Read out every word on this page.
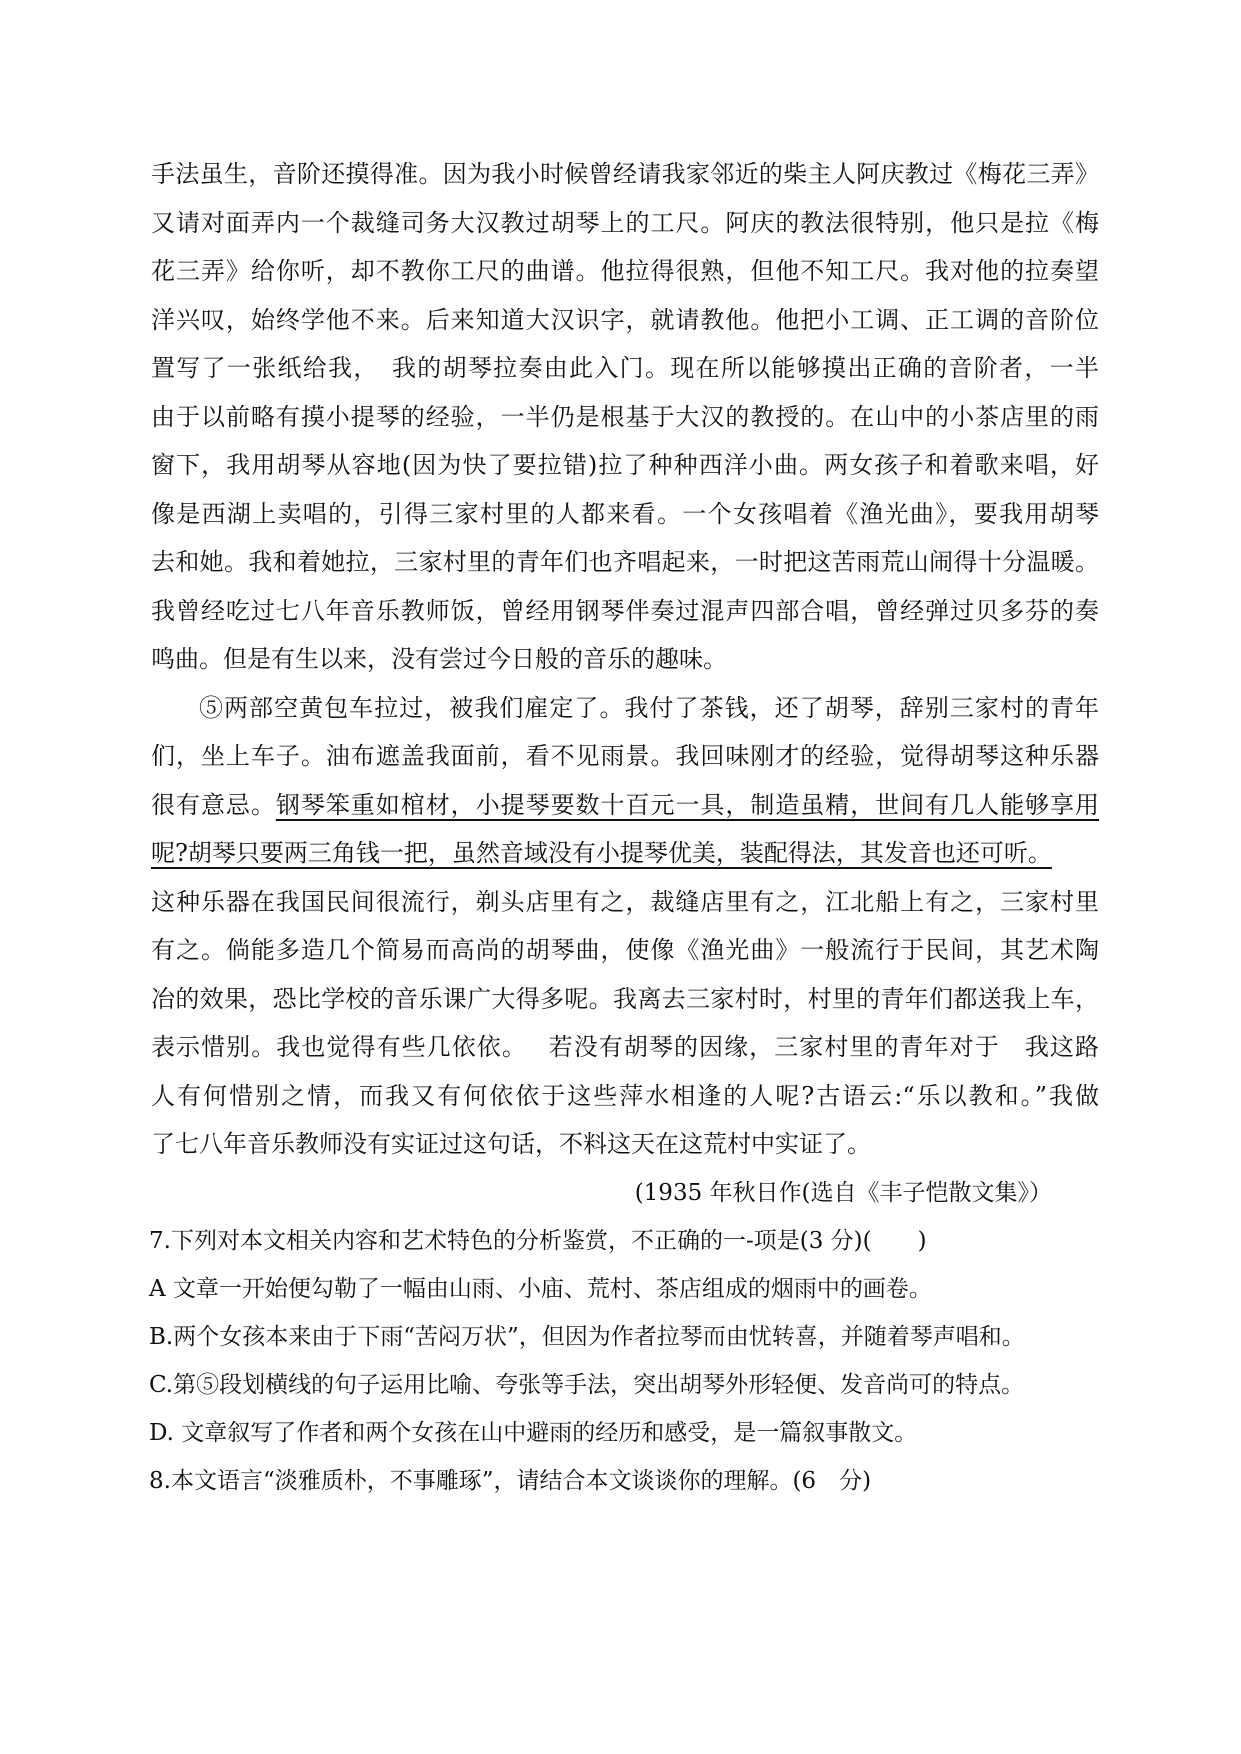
手法虽生，音阶还摸得准。因为我小时候曾经请我家邻近的柴主人阿庆教过《梅花三弄》
又请对面弄内一个裁缝司务大汉教过胡琴上的工尺。阿庆的教法很特别，他只是拉《梅
花三弄》给你听，却不教你工尺的曲谱。他拉得很熟，但他不知工尺。我对他的拉奏望
洋兴叹，始终学他不来。后来知道大汉识字，就请教他。他把小工调、正工调的音阶位
置写了一张纸给我，　我的胡琴拉奏由此入门。现在所以能够摸出正确的音阶者，一半
由于以前略有摸小提琴的经验，一半仍是根基于大汉的教授的。在山中的小茶店里的雨
窗下，我用胡琴从容地(因为快了要拉错)拉了种种西洋小曲。两女孩子和着歌来唱，好
像是西湖上卖唱的，引得三家村里的人都来看。一个女孩唱着《渔光曲》，要我用胡琴
去和她。我和着她拉，三家村里的青年们也齐唱起来，一时把这苦雨荒山闹得十分温暖。
我曾经吃过七八年音乐教师饭，曾经用钢琴伴奏过混声四部合唱，曾经弹过贝多芬的奏
鸣曲。但是有生以来，没有尝过今日般的音乐的趣味。
⑤两部空黄包车拉过，被我们雇定了。我付了茶钱，还了胡琴，辞别三家村的青年
们，坐上车子。油布遮盖我面前，看不见雨景。我回味刚才的经验，觉得胡琴这种乐器
很有意忌。钢琴笨重如棺材，小提琴要数十百元一具，制造虽精，世间有几人能够享用
呢?胡琴只要两三角钱一把，虽然音域没有小提琴优美，装配得法，其发音也还可听。
这种乐器在我国民间很流行，剃头店里有之，裁缝店里有之，江北船上有之，三家村里
有之。倘能多造几个简易而高尚的胡琴曲，使像《渔光曲》一般流行于民间，其艺术陶
冶的效果，恐比学校的音乐课广大得多呢。我离去三家村时，村里的青年们都送我上车，
表示惜别。我也觉得有些几依依。　 若没有胡琴的因缘，三家村里的青年对于　我这路
人有何惜别之情，而我又有何依依于这些萍水相逢的人呢?古语云:“乐以教和。”我做
了七八年音乐教师没有实证过这句话，不料这天在这荒村中实证了。
(1935 年秋日作(选自《丰子恺散文集》）
7.下列对本文相关内容和艺术特色的分析鉴赏，不正确的一-项是(3 分)(　　)
A 文章一开始便勾勒了一幅由山雨、小庙、荒村、茶店组成的烟雨中的画卷。
B.两个女孩本来由于下雨“苦闷万状”，但因为作者拉琴而由忧转喜，并随着琴声唱和。
C.第⑤段划横线的句子运用比喻、夸张等手法，突出胡琴外形轻便、发音尚可的特点。
D. 文章叙写了作者和两个女孩在山中避雨的经历和感受，是一篇叙事散文。
8.本文语言“淡雅质朴，不事雕琢”，请结合本文谈谈你的理解。(6　分)
